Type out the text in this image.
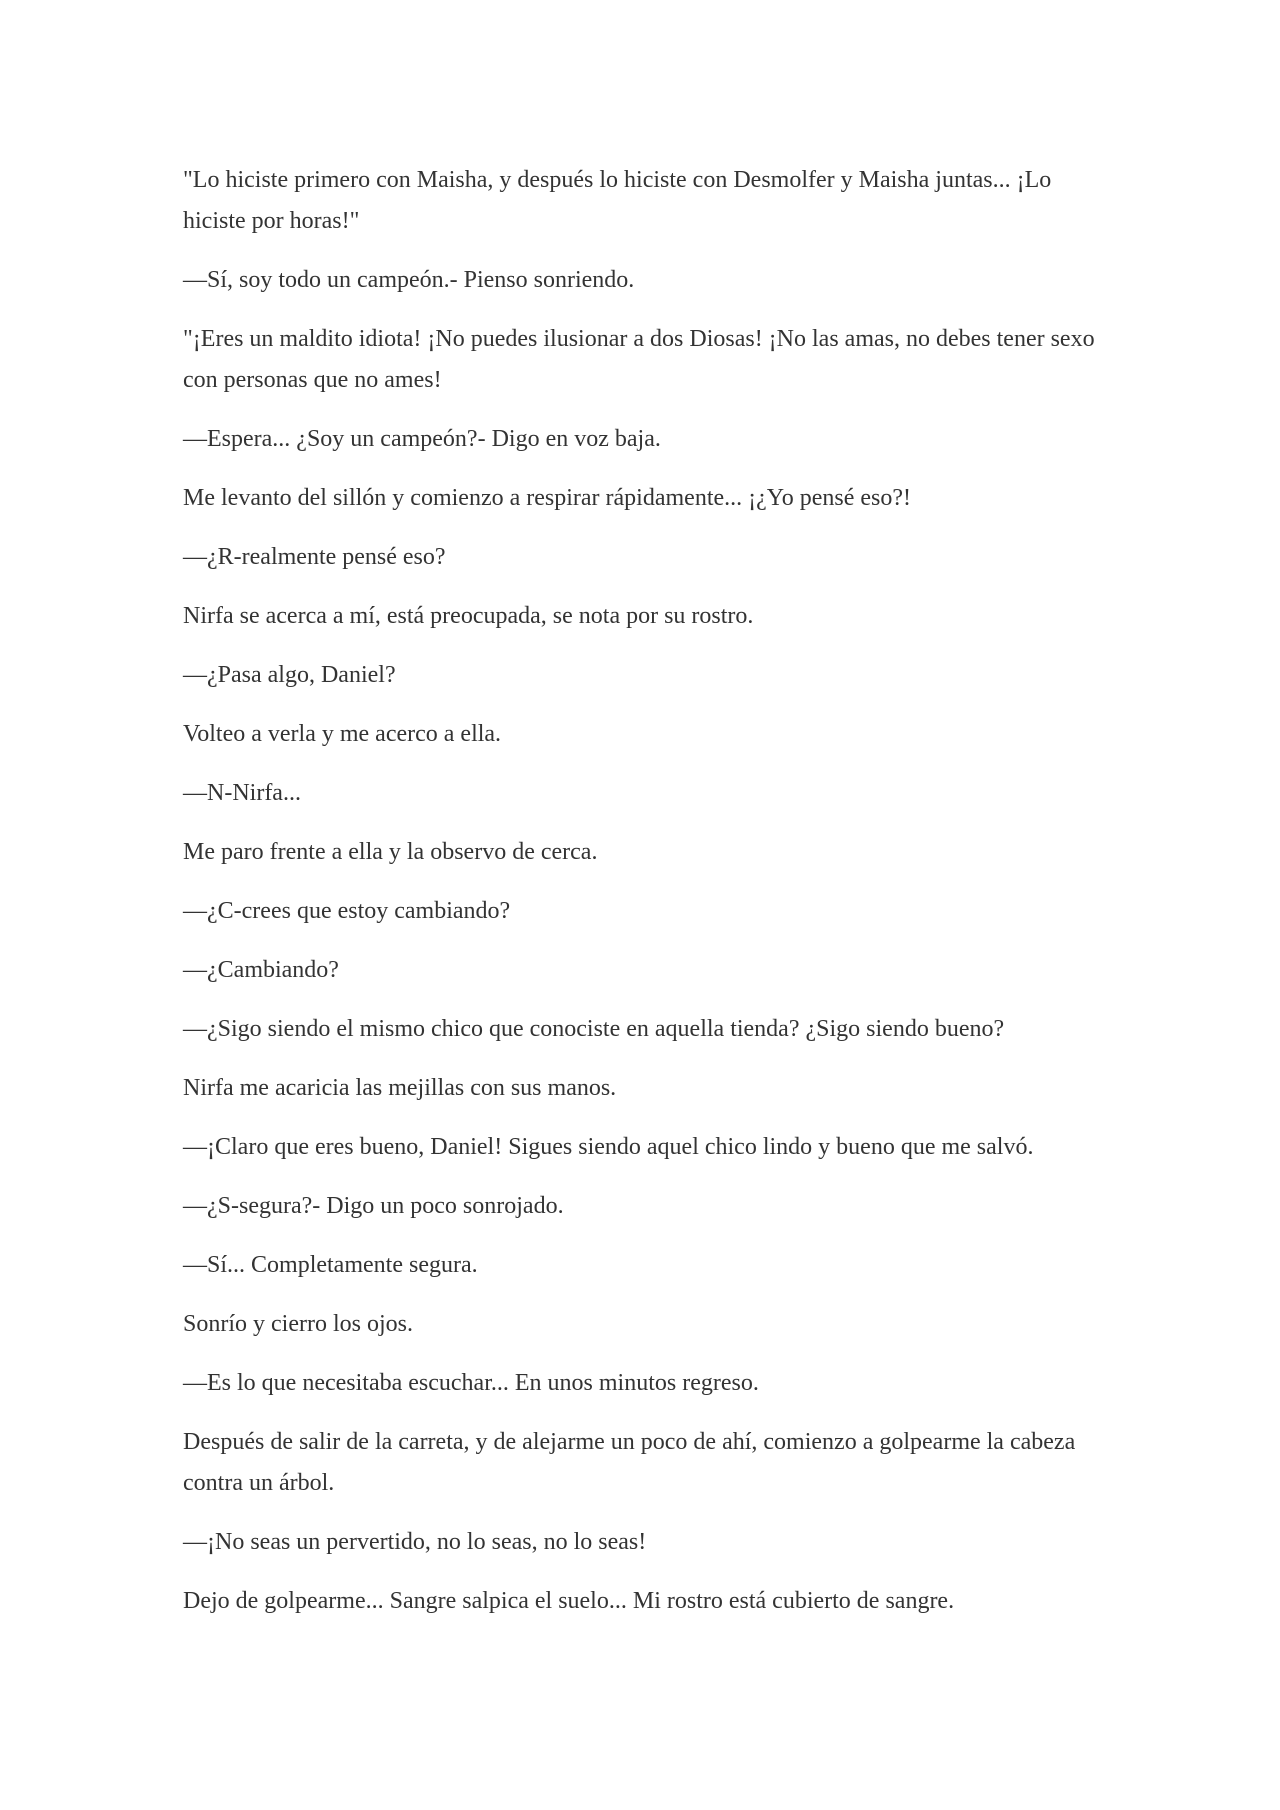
"Lo hiciste primero con Maisha, y después lo hiciste con Desmolfer y Maisha juntas... ¡Lo hiciste por horas!"

—Sí, soy todo un campeón.- Pienso sonriendo.

"¡Eres un maldito idiota! ¡No puedes ilusionar a dos Diosas! ¡No las amas, no debes tener sexo con personas que no ames!

—Espera... ¿Soy un campeón?- Digo en voz baja.

Me levanto del sillón y comienzo a respirar rápidamente... ¡¿Yo pensé eso?!

—¿R-realmente pensé eso?

Nirfa se acerca a mí, está preocupada, se nota por su rostro.

—¿Pasa algo, Daniel?

Volteo a verla y me acerco a ella.

—N-Nirfa...

Me paro frente a ella y la observo de cerca.

—¿C-crees que estoy cambiando?

—¿Cambiando?

—¿Sigo siendo el mismo chico que conociste en aquella tienda? ¿Sigo siendo bueno?

Nirfa me acaricia las mejillas con sus manos.

—¡Claro que eres bueno, Daniel! Sigues siendo aquel chico lindo y bueno que me salvó.

—¿S-segura?- Digo un poco sonrojado.

—Sí... Completamente segura.

Sonrío y cierro los ojos.

—Es lo que necesitaba escuchar... En unos minutos regreso.

Después de salir de la carreta, y de alejarme un poco de ahí, comienzo a golpearme la cabeza contra un árbol.

—¡No seas un pervertido, no lo seas, no lo seas!

Dejo de golpearme... Sangre salpica el suelo... Mi rostro está cubierto de sangre.
